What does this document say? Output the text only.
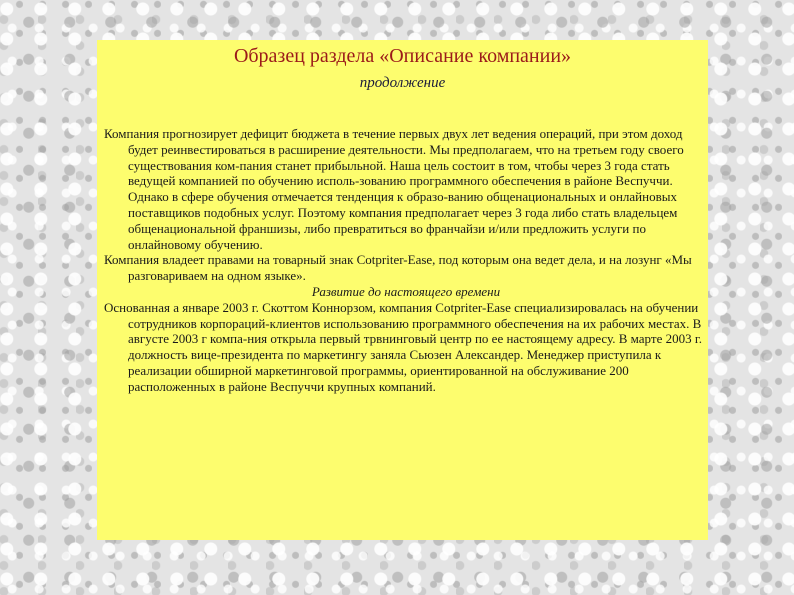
Образец раздела «Описание компании»
продолжение

Компания прогнозирует дефицит бюджета в течение первых двух лет ведения операций, при этом доход будет реинвестироваться в расширение деятельности. Мы предполагаем, что на третьем году своего существования ком-пания станет прибыльной. Наша цель состоит в том, чтобы через 3 года стать ведущей компанией по обучению исполь-зованию программного обеспечения в районе Веспуччи. Однако в сфере обучения отмечается тенденция к образо-ванию общенациональных и онлайновых поставщиков подобных услуг. Поэтому компания предполагает через 3 года либо стать владельцем общенациональной франшизы, либо превратиться во франчайзи и/или предложить услуги по онлайновому обучению.

Компания владеет правами на товарный знак Cotpriter-Ease, под которым она ведет дела, и на лозунг «Мы разговариваем на одном языке».

Развитие до настоящего времени

Основанная а январе 2003 г. Скоттом Коннорзом, компания Cotpriter-Ease специализировалась на обучении сотрудников корпораций-клиентов использованию программного обеспечения на их рабочих местах. В августе 2003 г компа-ния открыла первый трвнинговый центр по ее настоящему адресу. В марте 2003 г. должность вице-президента по маркетингу заняла Сьюзен Александер. Менеджер приступила к реализации обширной маркетинговой программы, ориентированной на обслуживание 200 расположенных в районе Веспуччи крупных компаний.
